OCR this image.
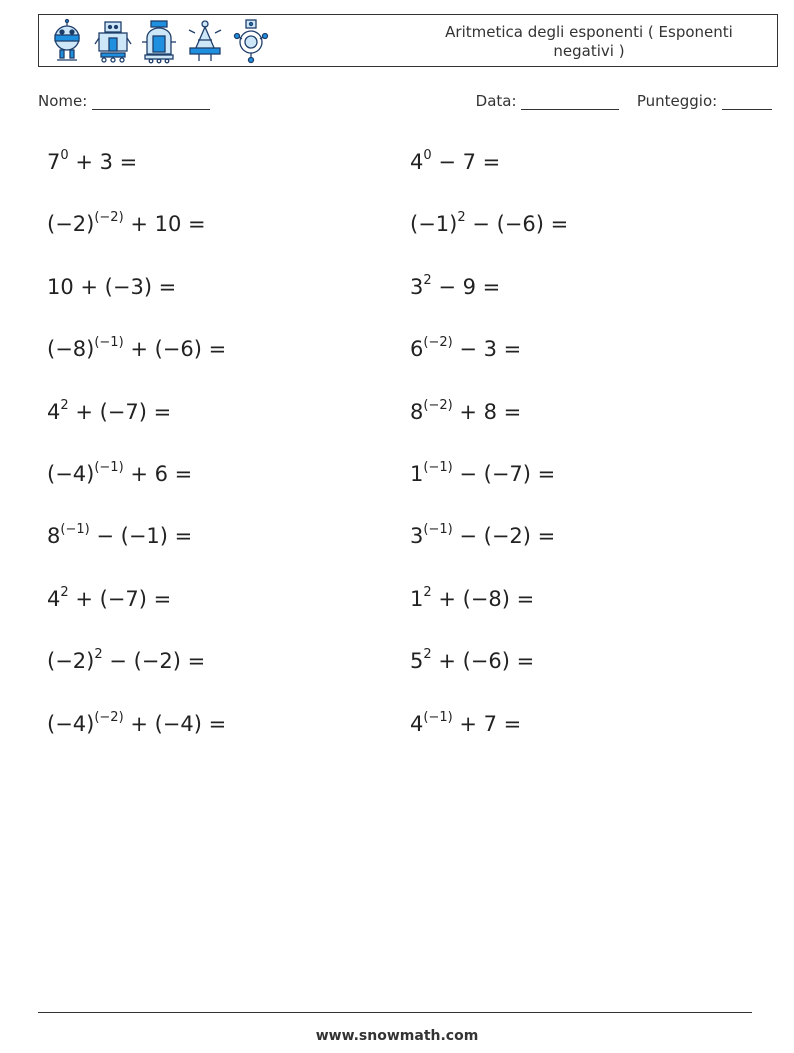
Aritmetica degli esponenti ( Esponenti negativi )
Nome:	Data:	Punteggio:
$7^0 + 3$ =	$4^0 - 7$ =
$(-2)^{(-2)} + 10$ =	$(-1)^2 - (-6)$ =
10 + (−3) =	$3^2 - 9$ =
$(-8)^{(-1)} + (-6)$ =	$6^{(-2)} - 3$ =
$4^2 + (-7)$ =	$8^{(-2)} + 8$ =
$(-4)^{(-1)} + 6$ =	$1^{(-1)} - (-7)$ =
$8^{(-1)} - (-1)$ =	$3^{(-1)} - (-2)$ =
$4^2 + (-7)$ =	$1^2 + (-8)$ =
$(-2)^2 - (-2)$ =	$5^2 + (-6)$ =
$(-4)^{(-2)} + (-4)$ =	$4^{(-1)} + 7$ =
www.snowmath.com
